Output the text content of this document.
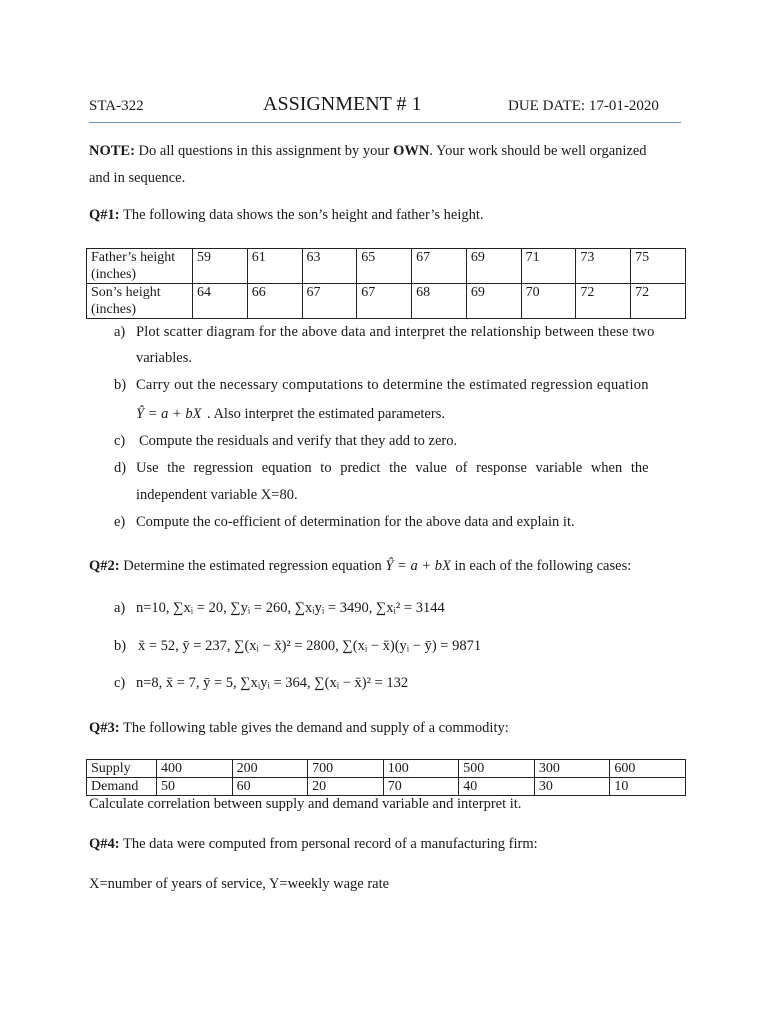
STA-322	ASSIGNMENT # 1	DUE DATE: 17-01-2020
NOTE: Do all questions in this assignment by your OWN. Your work should be well organized
and in sequence.
Q#1: The following data shows the son’s height and father’s height.
Father’s height (inches)	59	61	63	65	67	69	71	73	75
Son’s height (inches)	64	66	67	67	68	69	70	72	72
a) Plot scatter diagram for the above data and interpret the relationship between these two
variables.
b) Carry out the necessary computations to determine the estimated regression equation
Ŷ = a + bX . Also interpret the estimated parameters.
c) Compute the residuals and verify that they add to zero.
d) Use the regression equation to predict the value of response variable when the
independent variable X=80.
e) Compute the co-efficient of determination for the above data and explain it.
Q#2: Determine the estimated regression equation Ŷ = a + bX in each of the following cases:
a) n=10, ∑xᵢ = 20, ∑yᵢ = 260, ∑xᵢyᵢ = 3490, ∑xᵢ² = 3144
b) x̄ = 52, ȳ = 237, ∑(xᵢ − x̄)² = 2800, ∑(xᵢ − x̄)(yᵢ − ȳ) = 9871
c) n=8, x̄ = 7, ȳ = 5, ∑xᵢyᵢ = 364, ∑(xᵢ − x̄)² = 132
Q#3: The following table gives the demand and supply of a commodity:
Supply	400	200	700	100	500	300	600
Demand	50	60	20	70	40	30	10
Calculate correlation between supply and demand variable and interpret it.
Q#4: The data were computed from personal record of a manufacturing firm:
X=number of years of service, Y=weekly wage rate
